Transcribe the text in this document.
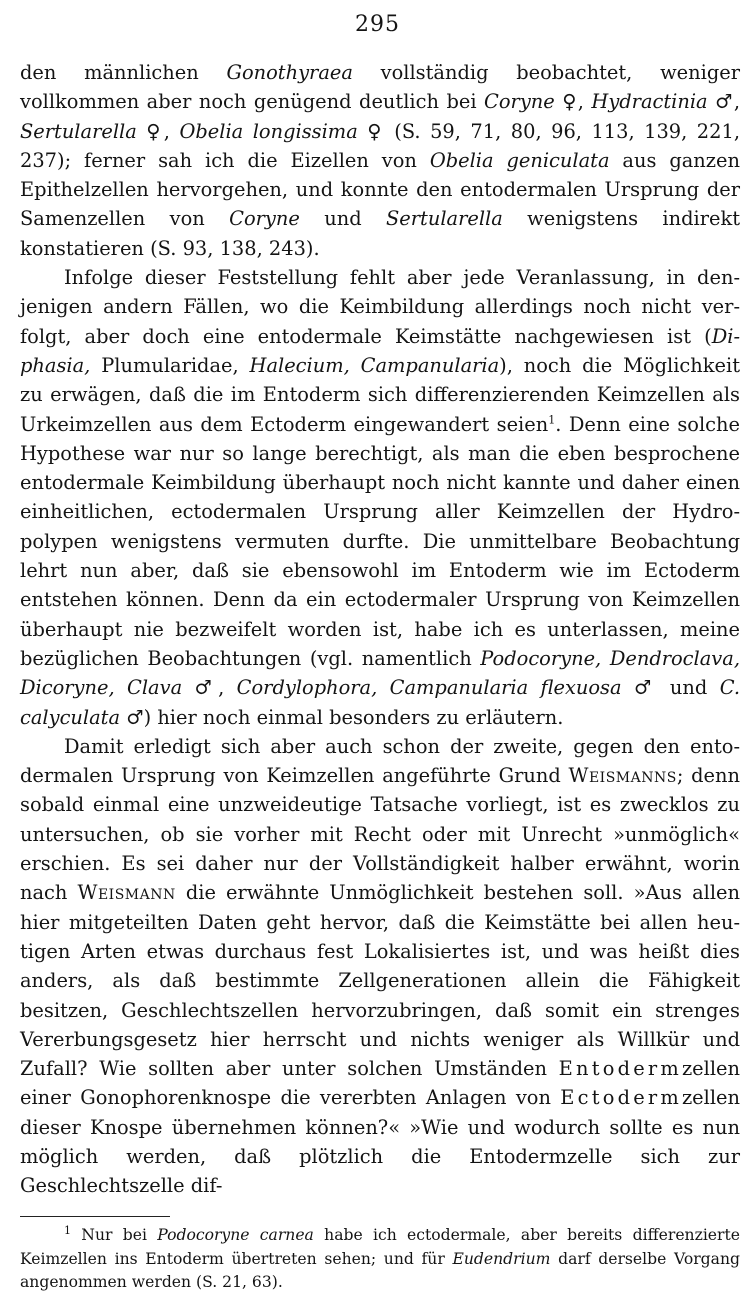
295

den männlichen Gonothyraea vollständig beobachtet, weniger vollkommen aber noch genügend deutlich bei Coryne ♀, Hydractinia ♂, Sertularella ♀, Obelia longissima ♀ (S. 59, 71, 80, 96, 113, 139, 221, 237); ferner sah ich die Eizellen von Obelia geniculata aus ganzen Epithelzellen hervorgehen, und konnte den entodermalen Ursprung der Samenzellen von Coryne und Sertularella wenigstens indirekt konstatieren (S. 93, 138, 243).

Infolge dieser Feststellung fehlt aber jede Veranlassung, in denjenigen andern Fällen, wo die Keimbildung allerdings noch nicht verfolgt, aber doch eine entodermale Keimstätte nachgewiesen ist (Diphasia, Plumularidae, Halecium, Campanularia), noch die Möglichkeit zu erwägen, daß die im Entoderm sich differenzierenden Keimzellen als Urkeimzellen aus dem Ectoderm eingewandert seien$^1$. Denn eine solche Hypothese war nur so lange berechtigt, als man die eben besprochene entodermale Keimbildung überhaupt noch nicht kannte und daher einen einheitlichen, ectodermalen Ursprung aller Keimzellen der Hydropolypen wenigstens vermuten durfte. Die unmittelbare Beobachtung lehrt nun aber, daß sie ebensowohl im Entoderm wie im Ectoderm entstehen können. Denn da ein ectodermaler Ursprung von Keimzellen überhaupt nie bezweifelt worden ist, habe ich es unterlassen, meine bezüglichen Beobachtungen (vgl. namentlich Podocoryne, Dendroclava, Dicoryne, Clava ♂, Cordylophora, Campanularia flexuosa ♂ und C. calyculata ♂) hier noch einmal besonders zu erläutern.

Damit erledigt sich aber auch schon der zweite, gegen den entodermalen Ursprung von Keimzellen angeführte Grund Weismanns; denn sobald einmal eine unzweideutige Tatsache vorliegt, ist es zwecklos zu untersuchen, ob sie vorher mit Recht oder mit Unrecht »unmöglich« erschien. Es sei daher nur der Vollständigkeit halber erwähnt, worin nach Weismann die erwähnte Unmöglichkeit bestehen soll. »Aus allen hier mitgeteilten Daten geht hervor, daß die Keimstätte bei allen heutigen Arten etwas durchaus fest Lokalisiertes ist, und was heißt dies anders, als daß bestimmte Zellgenerationen allein die Fähigkeit besitzen, Geschlechtszellen hervorzubringen, daß somit ein strenges Vererbungsgesetz hier herrscht und nichts weniger als Willkür und Zufall? Wie sollten aber unter solchen Umständen Entodermzellen einer Gonophorenknospe die vererbten Anlagen von Ectodermzellen dieser Knospe übernehmen können?« »Wie und wodurch sollte es nun möglich werden, daß plötzlich die Entodermzelle sich zur Geschlechtszelle dif-

$^1$ Nur bei Podocoryne carnea habe ich ectodermale, aber bereits differenzierte Keimzellen ins Entoderm übertreten sehen; und für Eudendrium darf derselbe Vorgang angenommen werden (S. 21, 63).
